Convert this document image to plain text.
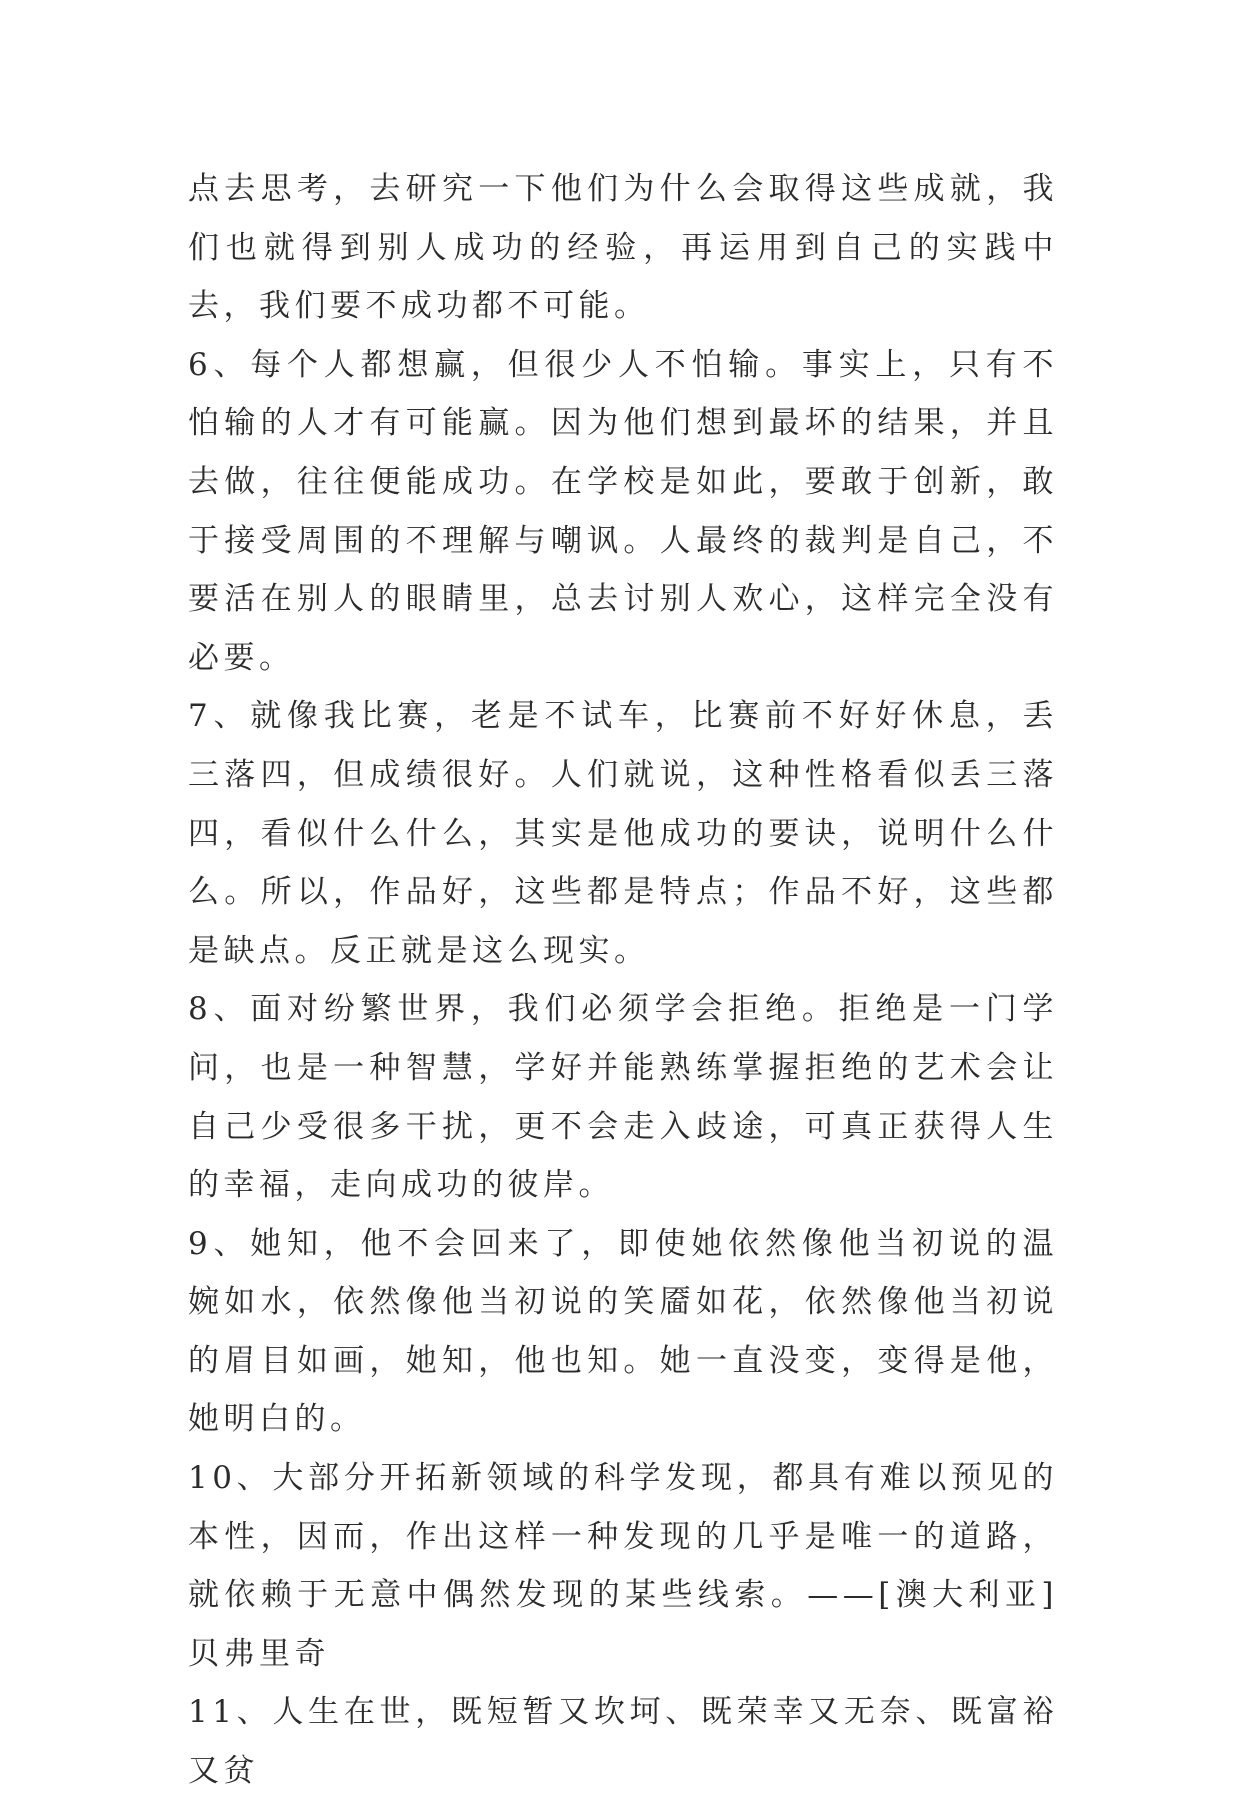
点去思考，去研究一下他们为什么会取得这些成就，我们也就得到别人成功的经验，再运用到自己的实践中去，我们要不成功都不可能。

6、每个人都想赢，但很少人不怕输。事实上，只有不怕输的人才有可能赢。因为他们想到最坏的结果，并且去做，往往便能成功。在学校是如此，要敢于创新，敢于接受周围的不理解与嘲讽。人最终的裁判是自己，不要活在别人的眼睛里，总去讨别人欢心，这样完全没有必要。

7、就像我比赛，老是不试车，比赛前不好好休息，丢三落四，但成绩很好。人们就说，这种性格看似丢三落四，看似什么什么，其实是他成功的要诀，说明什么什么。所以，作品好，这些都是特点；作品不好，这些都是缺点。反正就是这么现实。

8、面对纷繁世界，我们必须学会拒绝。拒绝是一门学问，也是一种智慧，学好并能熟练掌握拒绝的艺术会让自己少受很多干扰，更不会走入歧途，可真正获得人生的幸福，走向成功的彼岸。

9、她知，他不会回来了，即使她依然像他当初说的温婉如水，依然像他当初说的笑靥如花，依然像他当初说的眉目如画，她知，他也知。她一直没变，变得是他，她明白的。

10、大部分开拓新领域的科学发现，都具有难以预见的本性，因而，作出这样一种发现的几乎是唯一的道路，就依赖于无意中偶然发现的某些线索。——[澳大利亚]贝弗里奇

11、人生在世，既短暂又坎坷、既荣幸又无奈、既富裕又贫
